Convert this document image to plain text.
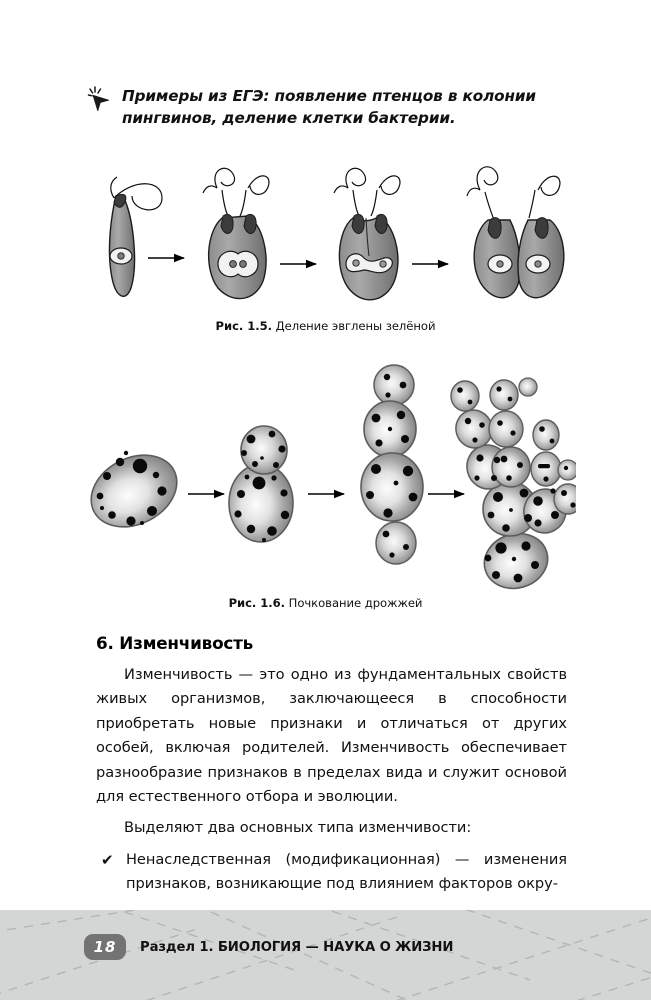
Примеры из ЕГЭ: появление птенцов в колонии пингвинов, деление клетки бактерии.
Рис. 1.5. Деление эвглены зелёной
Рис. 1.6. Почкование дрожжей
6. Изменчивость

Изменчивость — это одно из фундаментальных свойств живых организмов, заключающееся в способности приобретать новые признаки и отличаться от других особей, включая родителей. Изменчивость обеспечивает разнообразие признаков в пределах вида и служит основой для естественного отбора и эволюции.

Выделяют два основных типа изменчивости:

✔ Ненаследственная (модификационная) — изменения признаков, возникающие под влиянием факторов окру-
18	Раздел 1. БИОЛОГИЯ — НАУКА О ЖИЗНИ
